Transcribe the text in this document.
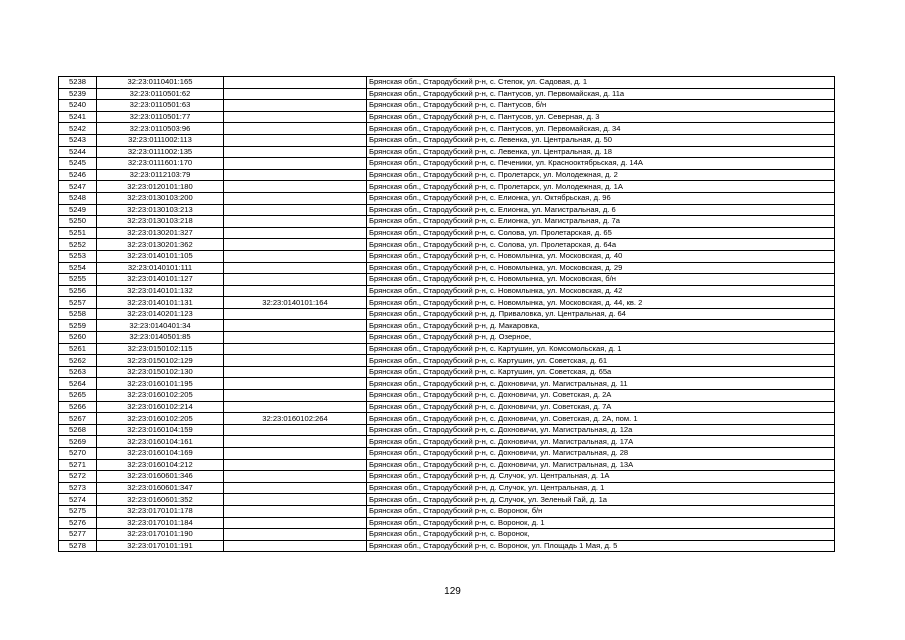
5238	32:23:0110401:165		Брянская обл., Стародубский р-н, с. Степок, ул. Садовая, д. 1
5239	32:23:0110501:62		Брянская обл., Стародубский р-н, с. Пантусов, ул. Первомайская, д. 11а
5240	32:23:0110501:63		Брянская обл., Стародубский р-н, с. Пантусов, б/н
5241	32:23:0110501:77		Брянская обл., Стародубский р-н, с. Пантусов, ул. Северная, д. 3
5242	32:23:0110503:96		Брянская обл., Стародубский р-н, с. Пантусов, ул. Первомайская, д. 34
5243	32:23:0111002:113		Брянская обл., Стародубский р-н, с. Левенка, ул. Центральная, д. 50
5244	32:23:0111002:135		Брянская обл., Стародубский р-н, с. Левенка, ул. Центральная, д. 18
5245	32:23:0111601:170		Брянская обл., Стародубский р-н, с. Печеники, ул. Красноoктябрьская, д. 14А
5246	32:23:0112103:79		Брянская обл., Стародубский р-н, с. Пролетарск, ул. Молодежная, д. 2
5247	32:23:0120101:180		Брянская обл., Стародубский р-н, с. Пролетарск, ул. Молодежная, д. 1А
5248	32:23:0130103:200		Брянская обл., Стародубский р-н, с. Елионка, ул. Октябрьская, д. 96
5249	32:23:0130103:213		Брянская обл., Стародубский р-н, с. Елионка, ул. Магистральная, д. 6
5250	32:23:0130103:218		Брянская обл., Стародубский р-н, с. Елионка, ул. Магистральная, д. 7а
5251	32:23:0130201:327		Брянская обл., Стародубский р-н, с. Солова, ул. Пролетарская, д. 65
5252	32:23:0130201:362		Брянская обл., Стародубский р-н, с. Солова, ул. Пролетарская, д. 64а
5253	32:23:0140101:105		Брянская обл., Стародубский р-н, с. Новомлынка, ул. Московская, д. 40
5254	32:23:0140101:111		Брянская обл., Стародубский р-н, с. Новомлынка, ул. Московская, д. 29
5255	32:23:0140101:127		Брянская обл., Стародубский р-н, с. Новомлынка, ул. Московская, б/н
5256	32:23:0140101:132		Брянская обл., Стародубский р-н, с. Новомлынка, ул. Московская, д. 42
5257	32:23:0140101:131	32:23:0140101:164	Брянская обл., Стародубский р-н, с. Новомлынка, ул. Московская, д. 44, кв. 2
5258	32:23:0140201:123		Брянская обл., Стародубский р-н, д. Приваловка, ул. Центральная, д. 64
5259	32:23:0140401:34		Брянская обл., Стародубский р-н, д. Макаровка,
5260	32:23:0140501:85		Брянская обл., Стародубский р-н, д. Озерное,
5261	32:23:0150102:115		Брянская обл., Стародубский р-н, с. Картушин, ул. Комсомольская, д. 1
5262	32:23:0150102:129		Брянская обл., Стародубский р-н, с. Картушин, ул. Советская, д. 61
5263	32:23:0150102:130		Брянская обл., Стародубский р-н, с. Картушин, ул. Советская, д. 65а
5264	32:23:0160101:195		Брянская обл., Стародубский р-н, с. Дохновичи, ул. Магистральная, д. 11
5265	32:23:0160102:205		Брянская обл., Стародубский р-н, с. Дохновичи, ул. Советская, д. 2А
5266	32:23:0160102:214		Брянская обл., Стародубский р-н, с. Дохновичи, ул. Советская, д. 7А
5267	32:23:0160102:205	32:23:0160102:264	Брянская обл., Стародубский р-н, с. Дохновичи, ул. Советская, д. 2А, пом. 1
5268	32:23:0160104:159		Брянская обл., Стародубский р-н, с. Дохновичи, ул. Магистральная, д. 12а
5269	32:23:0160104:161		Брянская обл., Стародубский р-н, с. Дохновичи, ул. Магистральная, д. 17А
5270	32:23:0160104:169		Брянская обл., Стародубский р-н, с. Дохновичи, ул. Магистральная, д. 28
5271	32:23:0160104:212		Брянская обл., Стародубский р-н, с. Дохновичи, ул. Магистральная, д. 13А
5272	32:23:0160601:346		Брянская обл., Стародубский р-н, д. Случок, ул. Центральная, д. 1А
5273	32:23:0160601:347		Брянская обл., Стародубский р-н, д. Случок, ул. Центральная, д. 1
5274	32:23:0160601:352		Брянская обл., Стародубский р-н, д. Случок, ул. Зеленый Гай, д. 1а
5275	32:23:0170101:178		Брянская обл., Стародубский р-н, с. Воронок, б/н
5276	32:23:0170101:184		Брянская обл., Стародубский р-н, с. Воронок, д. 1
5277	32:23:0170101:190		Брянская обл., Стародубский р-н, с. Воронок,
5278	32:23:0170101:191		Брянская обл., Стародубский р-н, с. Воронок, ул. Площадь 1 Мая, д. 5
129
